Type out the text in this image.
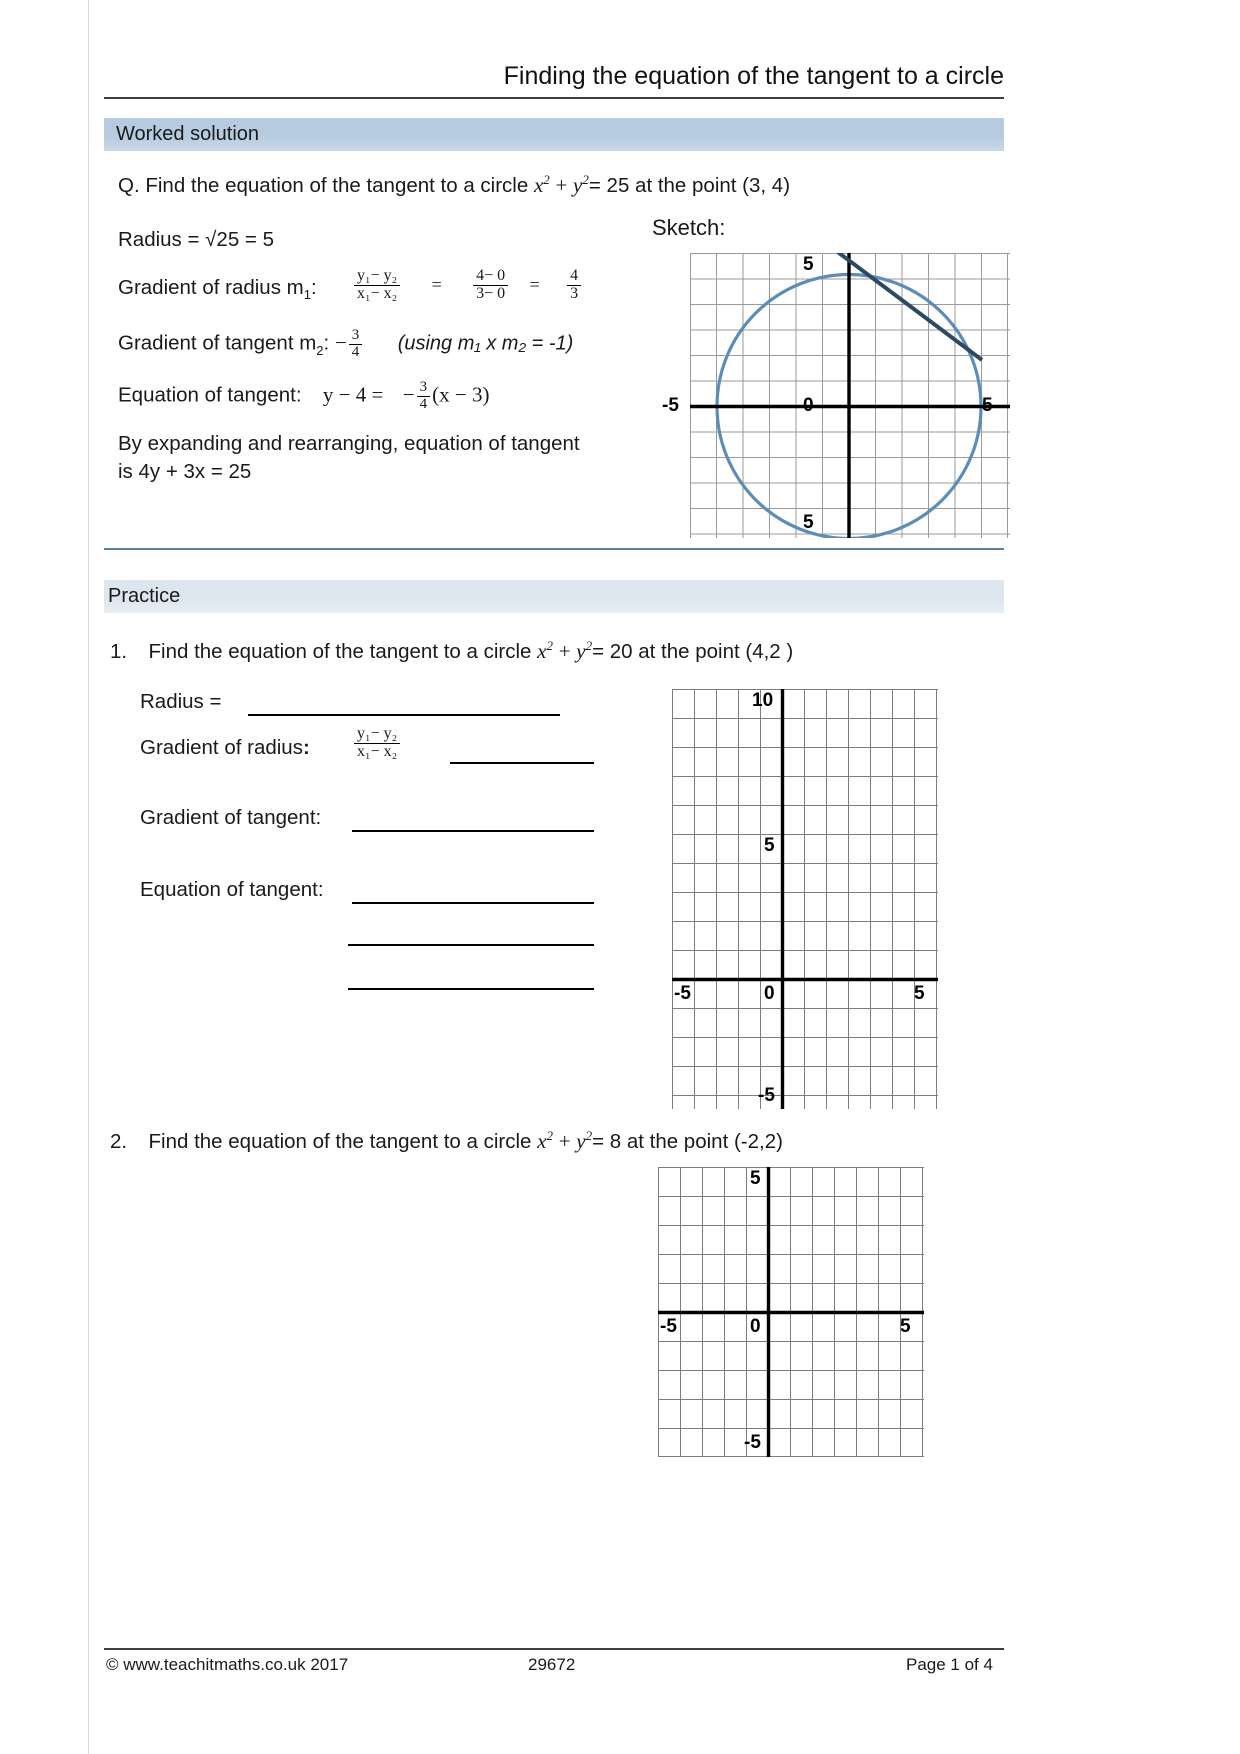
Finding the equation of the tangent to a circle
Worked solution
Q. Find the equation of the tangent to a circle $x^2 + y^2= 25$ at the point (3, 4)
Radius = √25 = 5
Gradient of radius $m_1$: $\frac{\text{y₁− y₂}}{\text{x₁− x₂}} = \frac{4- 0}{3- 0} = \frac{4}{3}$
Gradient of tangent $m_2$: − $\frac{3}{4} (using$ m₁ x m₂ = -1)
Equation of tangent: y − 4 = − $\frac{3}{4} (x - 3)$
By expanding and rearranging, equation of tangent
is 4y + 3x = 25
Sketch:
5
-5	0	5
5
Practice
1. Find the equation of the tangent to a circle $x^2 + y^2= 20$ at the point (4,2 )
Radius =
Gradient of radius:	$\frac{\text{y₁− y₂}}{\text{x₁− x₂}}$
Gradient of tangent:
Equation of tangent:
10
5
-5	0	5
-5
2. Find the equation of the tangent to a circle $x^2 + y^2= 8$ at the point (-2,2)
5
-5	0	5
-5
© www.teachitmaths.co.uk 2017	29672	Page 1 of 4
